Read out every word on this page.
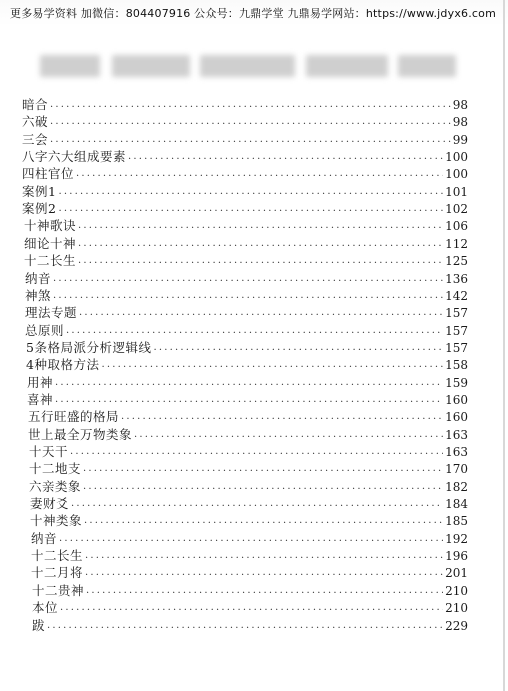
更多易学资料 加微信：804407916 公众号：九鼎学堂 九鼎易学网站：https://www.jdyx6.com
暗合 .....	98
六破 .....	98
三会 .....	99
八字六大组成要素 .....	100
四柱官位 .....	100
案例1 .....	101
案例2 .....	102
十神歌诀 .....	106
细论十神 .....	112
十二长生 .....	125
纳音 .....	136
神煞 .....	142
理法专题 .....	157
总原则 .....	157
5条格局派分析逻辑线 .....	157
4种取格方法 .....	158
用神 .....	159
喜神 .....	160
五行旺盛的格局 .....	160
世上最全万物类象 .....	163
十天干 .....	163
十二地支 .....	170
六亲类象 .....	182
妻财爻 .....	184
十神类象 .....	185
纳音 .....	192
十二长生 .....	196
十二月将 .....	201
十二贵神 .....	210
本位 .....	210
跋 .....	229
